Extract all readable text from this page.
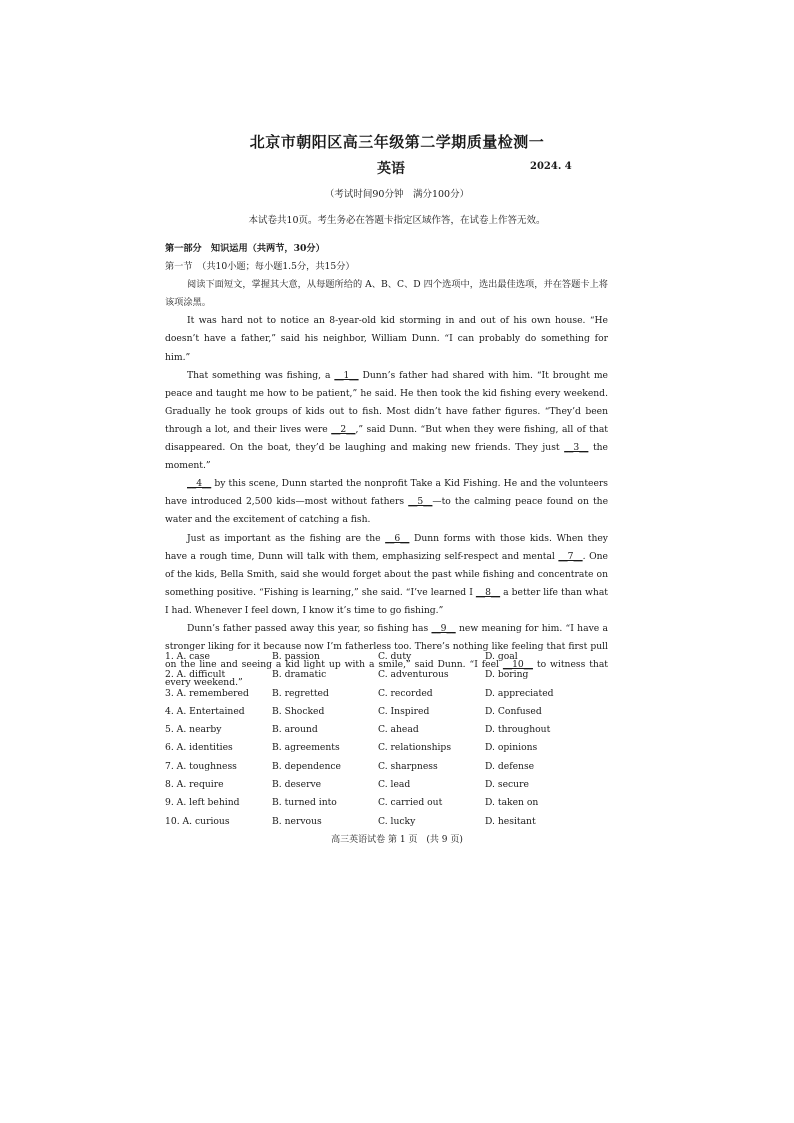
北京市朝阳区高三年级第二学期质量检测一
英语	2024. 4
（考试时间90分钟　满分100分）
本试卷共10页。考生务必在答题卡指定区域作答，在试卷上作答无效。
第一部分　知识运用（共两节，30分）
第一节　（共10小题；每小题1.5分，共15分）
阅读下面短文，掌握其大意，从每题所给的 A、B、C、D 四个选项中，选出最佳选项，并在答题卡上将该项涂黑。
It was hard not to notice an 8-year-old kid storming in and out of his own house. “He doesn’t have a father,” said his neighbor, William Dunn. “I can probably do something for him.”
That something was fishing, a __1__ Dunn’s father had shared with him. “It brought me peace and taught me how to be patient,” he said. He then took the kid fishing every weekend. Gradually he took groups of kids out to fish. Most didn’t have father figures. “They’d been through a lot, and their lives were __2__,” said Dunn. “But when they were fishing, all of that disappeared. On the boat, they’d be laughing and making new friends. They just __3__ the moment.”
__4__ by this scene, Dunn started the nonprofit Take a Kid Fishing. He and the volunteers have introduced 2,500 kids—most without fathers __5__—to the calming peace found on the water and the excitement of catching a fish.
Just as important as the fishing are the __6__ Dunn forms with those kids. When they have a rough time, Dunn will talk with them, emphasizing self-respect and mental __7__. One of the kids, Bella Smith, said she would forget about the past while fishing and concentrate on something positive. “Fishing is learning,” she said. “I’ve learned I __8__ a better life than what I had. Whenever I feel down, I know it’s time to go fishing.”
Dunn’s father passed away this year, so fishing has __9__ new meaning for him. “I have a stronger liking for it because now I’m fatherless too. There’s nothing like feeling that first pull on the line and seeing a kid light up with a smile,” said Dunn. “I feel __10__ to witness that every weekend.”
1. A. case	B. passion	C. duty	D. goal
2. A. difficult	B. dramatic	C. adventurous	D. boring
3. A. remembered	B. regretted	C. recorded	D. appreciated
4. A. Entertained	B. Shocked	C. Inspired	D. Confused
5. A. nearby	B. around	C. ahead	D. throughout
6. A. identities	B. agreements	C. relationships	D. opinions
7. A. toughness	B. dependence	C. sharpness	D. defense
8. A. require	B. deserve	C. lead	D. secure
9. A. left behind	B. turned into	C. carried out	D. taken on
10. A. curious	B. nervous	C. lucky	D. hesitant
高三英语试卷 第 1 页　(共 9 页)
